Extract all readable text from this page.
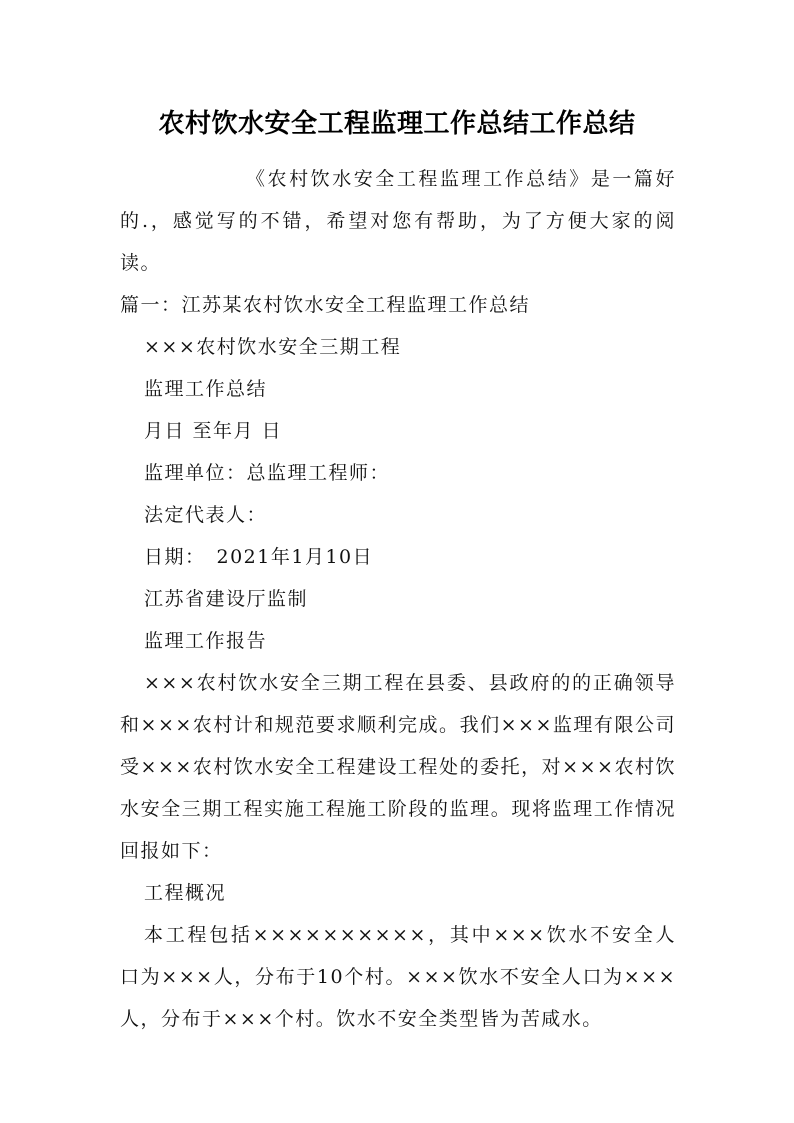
农村饮水安全工程监理工作总结工作总结

《农村饮水安全工程监理工作总结》是一篇好的.，感觉写的不错，希望对您有帮助，为了方便大家的阅读。

篇一：江苏某农村饮水安全工程监理工作总结

×××农村饮水安全三期工程

监理工作总结

月日 至年月 日

监理单位：总监理工程师：

法定代表人：

日期：　2021年1月10日

江苏省建设厅监制

监理工作报告

×××农村饮水安全三期工程在县委、县政府的的正确领导和×××农村计和规范要求顺利完成。我们×××监理有限公司受×××农村饮水安全工程建设工程处的委托，对×××农村饮水安全三期工程实施工程施工阶段的监理。现将监理工作情况回报如下：

工程概况

本工程包括××××××××××，其中×××饮水不安全人口为×××人，分布于10个村。×××饮水不安全人口为×××人，分布于×××个村。饮水不安全类型皆为苦咸水。
